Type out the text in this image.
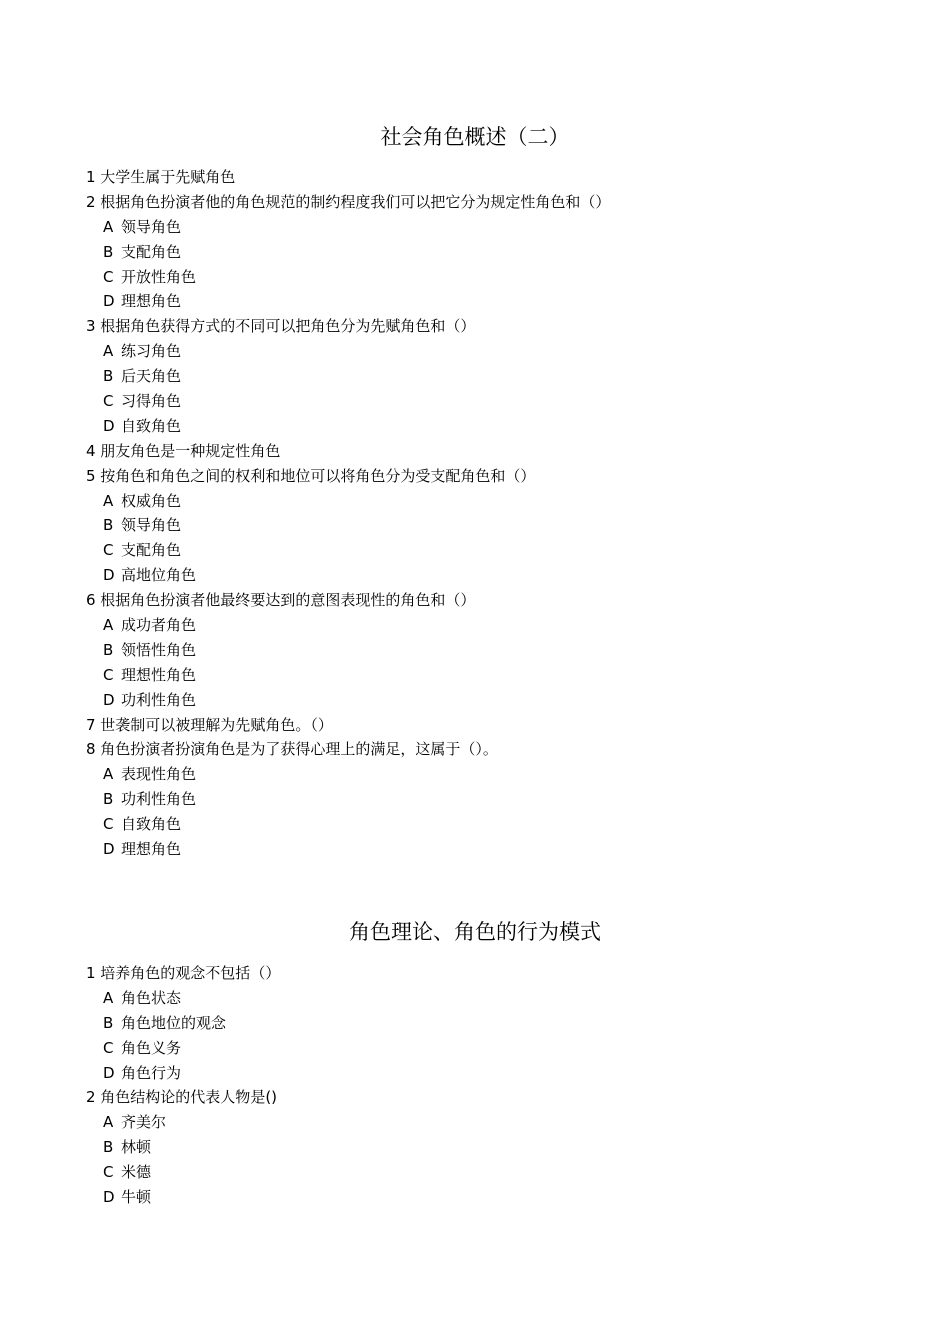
社会角色概述（二）
1 大学生属于先赋角色
2 根据角色扮演者他的角色规范的制约程度我们可以把它分为规定性角色和（）
A 领导角色
B 支配角色
C 开放性角色
D 理想角色
3 根据角色获得方式的不同可以把角色分为先赋角色和（）
A 练习角色
B 后天角色
C 习得角色
D 自致角色
4 朋友角色是一种规定性角色
5 按角色和角色之间的权利和地位可以将角色分为受支配角色和（）
A 权威角色
B 领导角色
C 支配角色
D 高地位角色
6 根据角色扮演者他最终要达到的意图表现性的角色和（）
A 成功者角色
B 领悟性角色
C 理想性角色
D 功利性角色
7 世袭制可以被理解为先赋角色。（）
8 角色扮演者扮演角色是为了获得心理上的满足，这属于（）。
A 表现性角色
B 功利性角色
C 自致角色
D 理想角色
角色理论、角色的行为模式
1 培养角色的观念不包括（）
A 角色状态
B 角色地位的观念
C 角色义务
D 角色行为
2 角色结构论的代表人物是()
A 齐美尔
B 林顿
C 米德
D 牛顿
